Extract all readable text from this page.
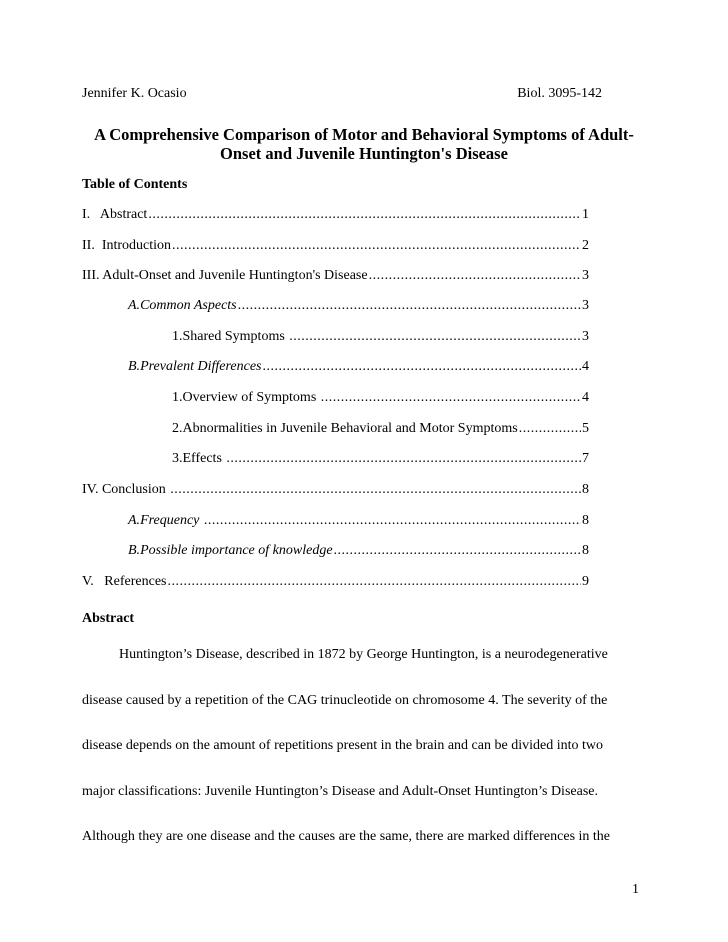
Jennifer K. Ocasio	Biol. 3095-142
A Comprehensive Comparison of Motor and Behavioral Symptoms of Adult-
Onset and Juvenile Huntington's Disease
Table of Contents
I.   Abstract .....	1
II.  Introduction .....	2
III. Adult-Onset and Juvenile Huntington's Disease .....	3
A. Common Aspects .....	3
1. Shared Symptoms .....	3
B. Prevalent Differences .....	4
1. Overview of Symptoms .....	4
2. Abnormalities in Juvenile Behavioral and Motor Symptoms .....	5
3. Effects .....	7
IV. Conclusion .....	8
A. Frequency .....	8
B. Possible importance of knowledge .....	8
V.   References .....	9
Abstract
Huntington’s Disease, described in 1872 by George Huntington, is a neurodegenerative
disease caused by a repetition of the CAG trinucleotide on chromosome 4. The severity of the
disease depends on the amount of repetitions present in the brain and can be divided into two
major classifications: Juvenile Huntington’s Disease and Adult-Onset Huntington’s Disease.
Although they are one disease and the causes are the same, there are marked differences in the
1
